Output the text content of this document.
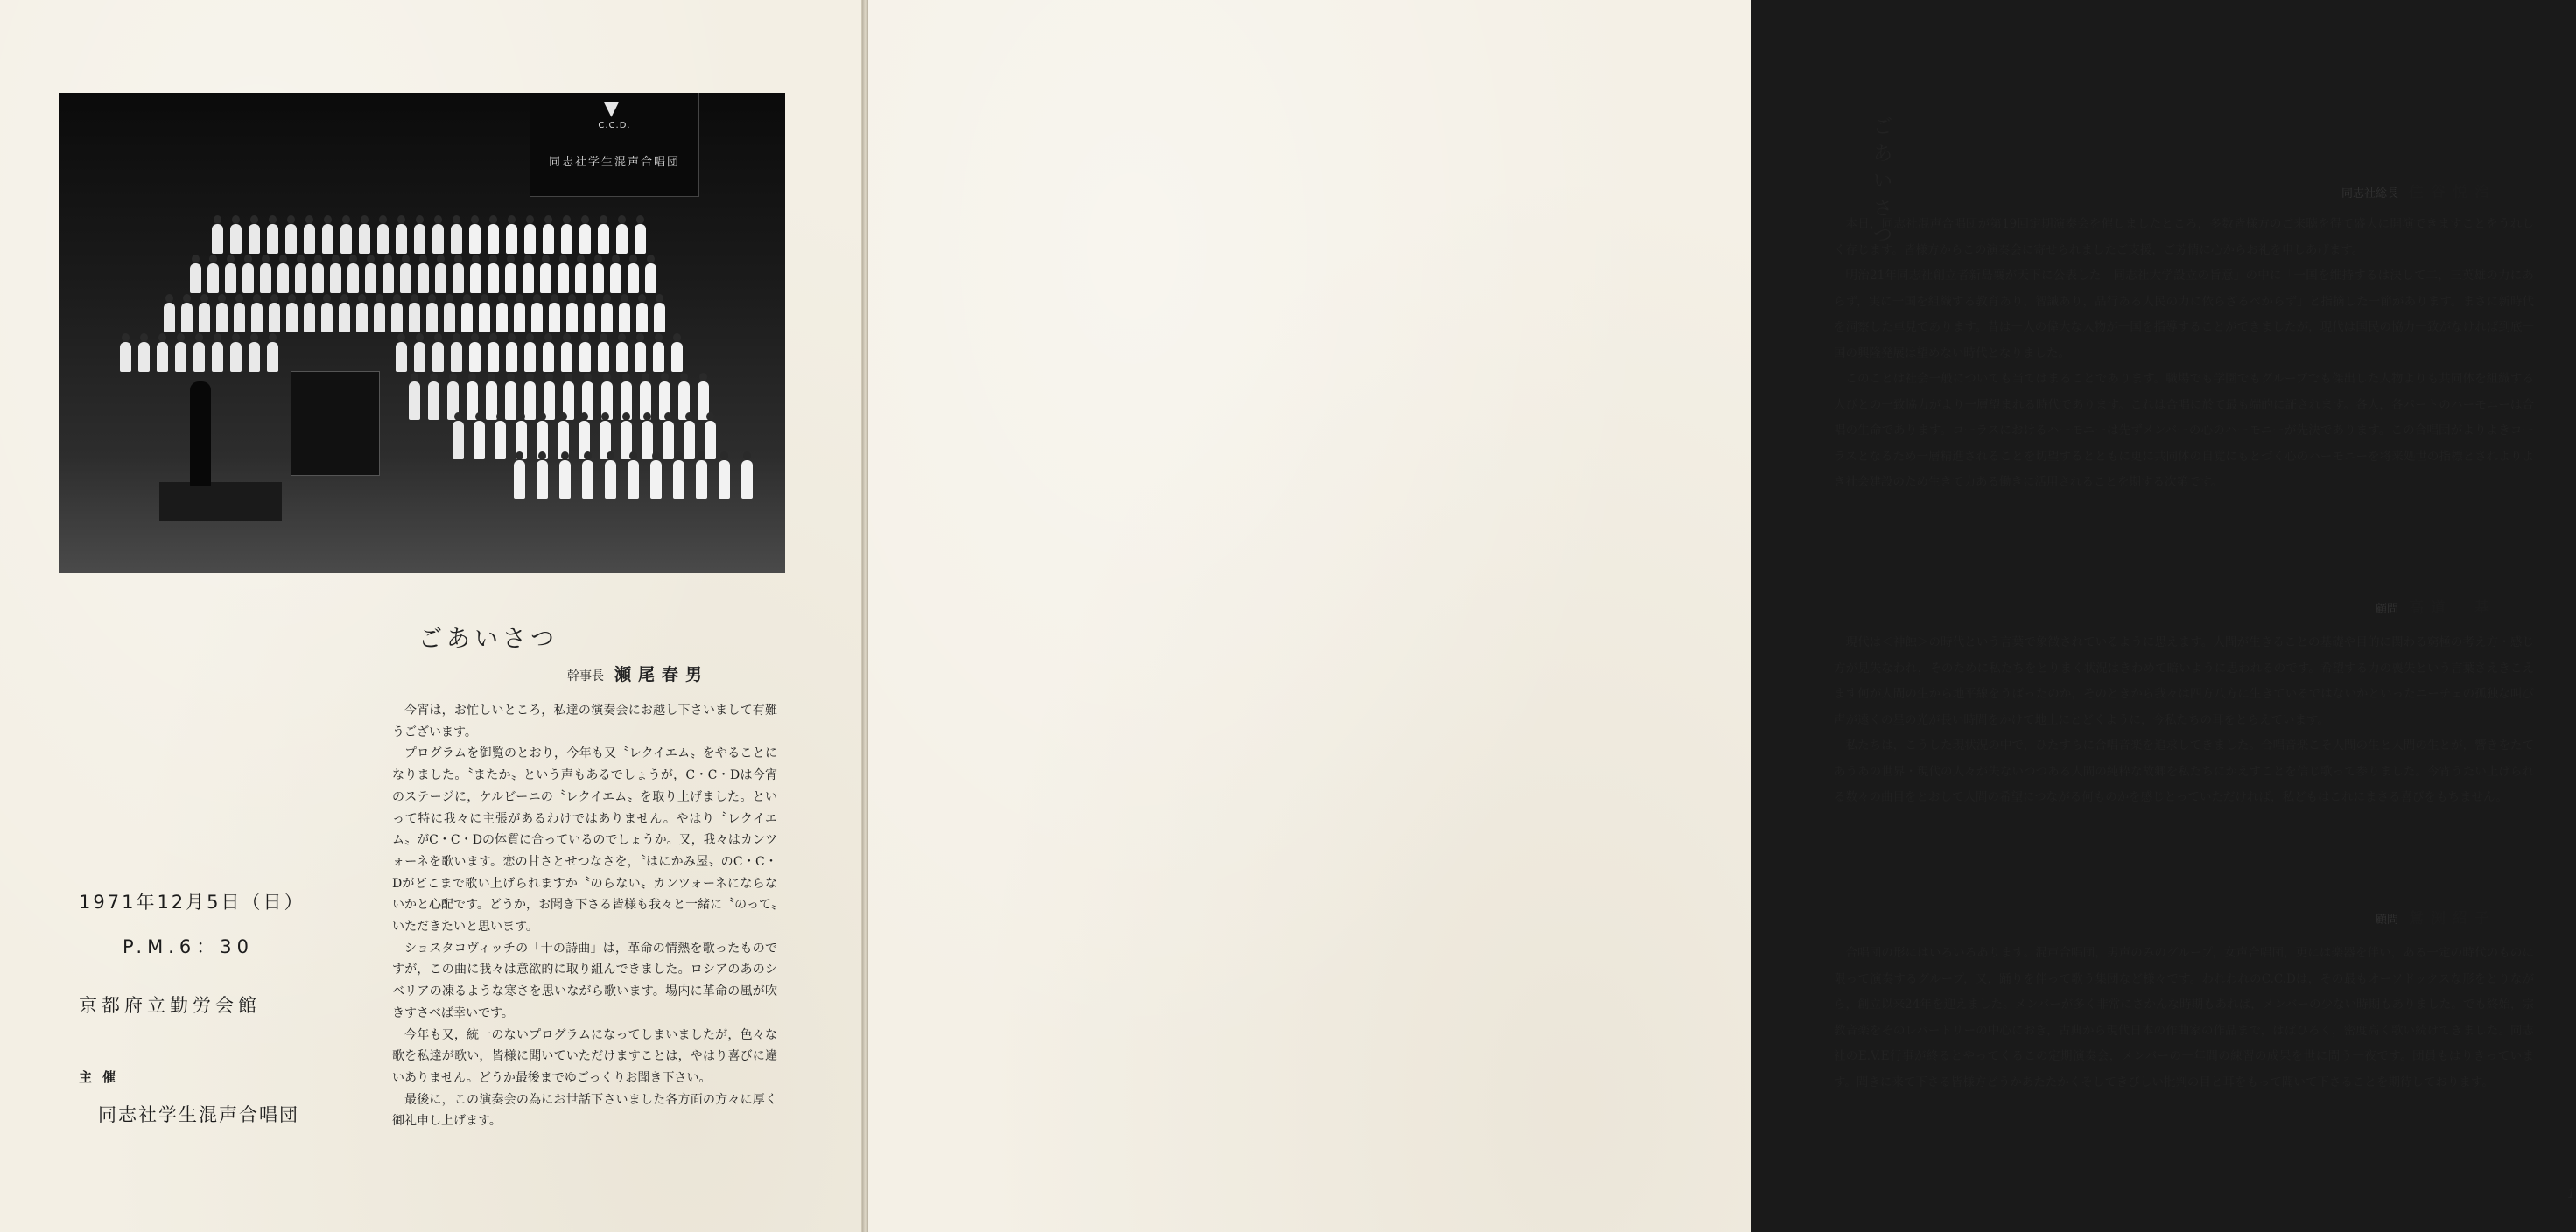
▼
C.C.D.
同志社学生混声合唱団
ごあいさつ
幹事長 瀬尾春男

今宵は，お忙しいところ，私達の演奏会にお越し下さいまして有難うございます。

プログラムを御覧のとおり，今年も又〝レクイエム〟をやることになりました。〝またか〟という声もあるでしょうが，C・C・Dは今宵のステージに，ケルビーニの〝レクイエム〟を取り上げました。といって特に我々に主張があるわけではありません。やはり〝レクイエム〟がC・C・Dの体質に合っているのでしょうか。又，我々はカンツォーネを歌います。恋の甘さとせつなさを，〝はにかみ屋〟のC・C・Dがどこまで歌い上げられますか〝のらない〟カンツォーネにならないかと心配です。どうか，お聞き下さる皆様も我々と一緒に〝のって〟いただきたいと思います。

ショスタコヴィッチの「十の詩曲」は，革命の情熱を歌ったものですが，この曲に我々は意欲的に取り組んできました。ロシアのあのシベリアの凍るような寒さを思いながら歌います。場内に革命の風が吹きすさべば幸いです。

今年も又，統一のないプログラムになってしまいましたが，色々な歌を私達が歌い，皆様に聞いていただけますことは，やはり喜びに違いありません。どうか最後までゆごっくりお聞き下さい。

最後に，この演奏会の為にお世話下さいました各方面の方々に厚く御礼申し上げます。

1971年12月5日（日）
P.M.6：30
京都府立勤労会館
主催
同志社学生混声合唱団
ごあいさつ
同志社総長 住谷悦治

本日，同志社混声合唱団が第19回定期演奏会を催しましたところ，多数皆様方のご来聴を得て盛大に開演できますことをうれしく存じます。皆様方からこの演奏会に寄せられましたご支援，ご芳情に心からお礼を申しあげます。

明治21年同志社創立者新島襄が天下に公表した「同志社大学設立の旨意」の中に「一国を維持するは決して二，三英雄の力にあらず，実に一国を組織する教育あり，智識あり，品行ある人民の力に依らざるべからず」と指摘した一節があります。まさに新時代を洞察した卓見であります。昔は一人の偉大な人物が一国を指導することができましたが，現代は国民の協力一致がなければ到底一国の興隆発展は望めない時代となりました。

このことは社会一般についても当てはまることであります。職場でも学園でもグループでも傑出した人物よりも共同体を組織する人びとの一致協力がより一層望まれる時代であります。これは合唱に於て最も端的に証されます。各人，各パートのハーモニーは合唱の生命であります。コーラスにおけるハーモニーは先ずメンバーの心のハーモニーが先決であります。この合唱団がよりよきコーラスとなるため一層精進されることを切望するとともに更に共同体の自覚にもとづく心のハーモニーを将来処世の指標とされよりよき社会建設のため生きて力ある働きに活用されることを期する次第です。

顧問 高道　基

現代は＜神蝕＞の時代という言葉で象徴されているように思えます。人間が生きることの基礎や目的に関わる窮極の考え方・感じ方が見失なわれ，そのために私たちをとりまく状況はきわめて暗いように思われるのです。希望する力の喪失という言葉さえきこえます何が人間の生から地平線をうばったのか，そのときから我々は四方八方に生きているではないかといったニーチェの孤独な叫び声が遠くの星の光が長い時間をかけて地上にとどくように，今私たちの耳をとらえています。

私たちは，こうした現状況の中で，ひたすらに合唱音楽を追求してきました。合唱音楽こそ人間の生と人間の生とが，響きをたてあうあの世界・現代の人々が失ないつつある人間の純粋な故郷を私たちにかえすことを信じ歌って参りました。今宵うたい上げられる数々の曲目をとおして人間の希望につながる何ものかを感じとっていただければ，私どもはこれにまさる喜びをもちません。

顧問 鴛渕紹子

合唱団の形にはいろいろあります。混声合唱団，男声のみのグループ，女声合唱団，更には楽器を伴い，ある一定の時代のものに限って演奏するグループ，又，踊りを伴って歌う集団など様々です。われわれのC.C.Dは，その最もオーソドックスな形をとりながら，創立以来24年を迎えました。メンバーが多く非常にさかんな時期もあれば，メンバーの少ない時期もありました。でも終始，宗教音楽をそのレパートリーの中心におき，古典から現代日本の作曲家の作品まで，はばひろく，密度高く歌い続けてきました。同志社のE.V.E行事が終るとやってくるこの定期演奏会，メンバーの一年間の練習の成果を世に問う一夜です。団員もはりきっています。聞きに来て下さる皆様方どうかあたたかくそしてきびしい批判の目と耳をもって聞いて下さることを期待しております。

1
